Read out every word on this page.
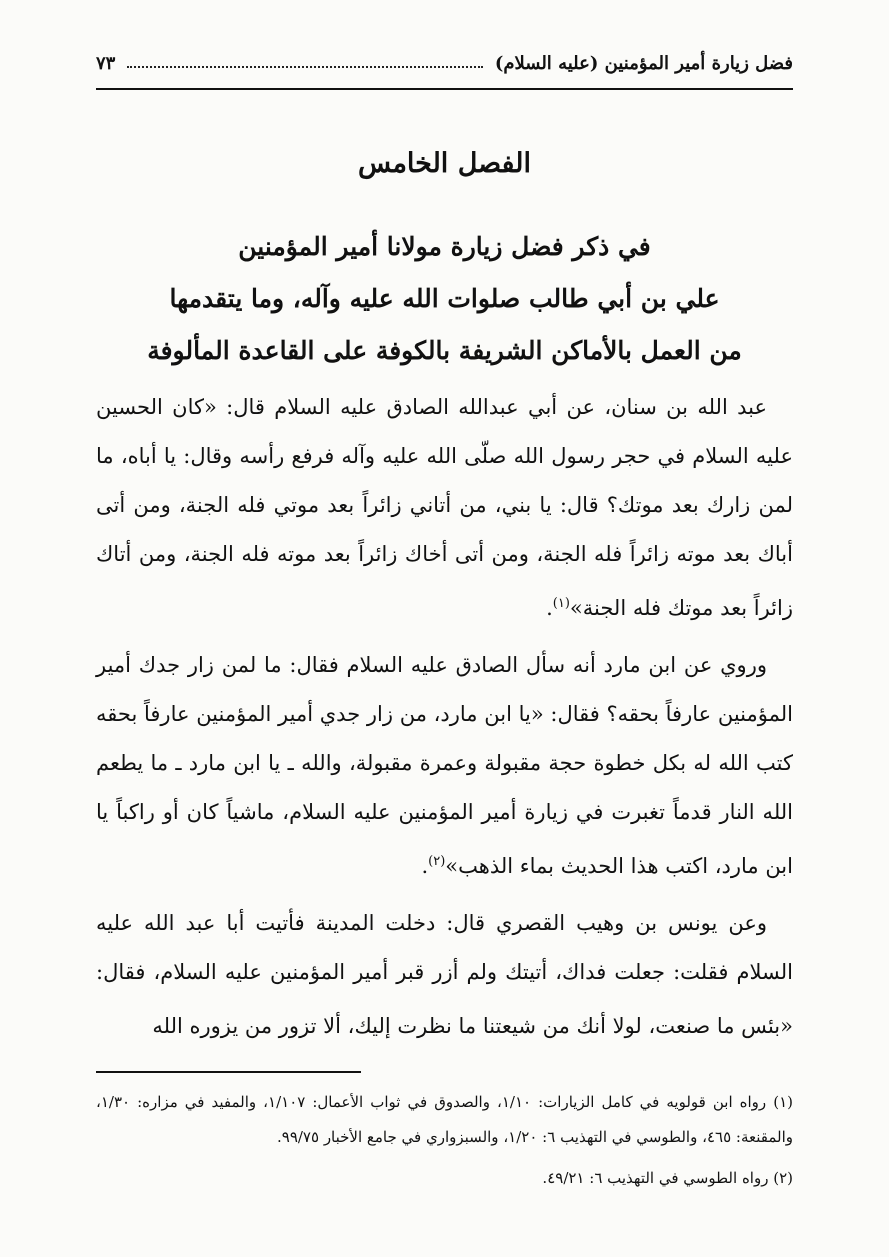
فضل زيارة أمير المؤمنين (عليه السلام)
٧٣
الفصل الخامس
في ذكر فضل زيارة مولانا أمير المؤمنين
علي بن أبي طالب صلوات الله عليه وآله، وما يتقدمها
من العمل بالأماكن الشريفة بالكوفة على القاعدة المألوفة

عبد الله بن سنان، عن أبي عبدالله الصادق عليه السلام قال: «كان الحسين عليه السلام في حجر رسول الله صلّى الله عليه وآله فرفع رأسه وقال: يا أباه، ما لمن زارك بعد موتك؟ قال: يا بني، من أتاني زائراً بعد موتي فله الجنة، ومن أتى أباك بعد موته زائراً فله الجنة، ومن أتى أخاك زائراً بعد موته فله الجنة، ومن أتاك زائراً بعد موتك فله الجنة»$^{(١)}$.

وروي عن ابن مارد أنه سأل الصادق عليه السلام فقال: ما لمن زار جدك أمير المؤمنين عارفاً بحقه؟ فقال: «يا ابن مارد، من زار جدي أمير المؤمنين عارفاً بحقه كتب الله له بكل خطوة حجة مقبولة وعمرة مقبولة، والله ـ يا ابن مارد ـ ما يطعم الله النار قدماً تغبرت في زيارة أمير المؤمنين عليه السلام، ماشياً كان أو راكباً يا ابن مارد، اكتب هذا الحديث بماء الذهب»$^{(٢)}$.

وعن يونس بن وهيب القصري قال: دخلت المدينة فأتيت أبا عبد الله عليه السلام فقلت: جعلت فداك، أتيتك ولم أزر قبر أمير المؤمنين عليه السلام، فقال: «بئس ما صنعت، لولا أنك من شيعتنا ما نظرت إليك، ألا تزور من يزوره الله

(١) رواه ابن قولويه في كامل الزيارات: ١/١٠، والصدوق في ثواب الأعمال: ١/١٠٧، والمفيد في مزاره: ١/٣٠، والمقنعة: ٤٦٥، والطوسي في التهذيب ٦: ١/٢٠، والسبزواري في جامع الأخبار ٩٩/٧٥.
(٢) رواه الطوسي في التهذيب ٦: ٤٩/٢١.
